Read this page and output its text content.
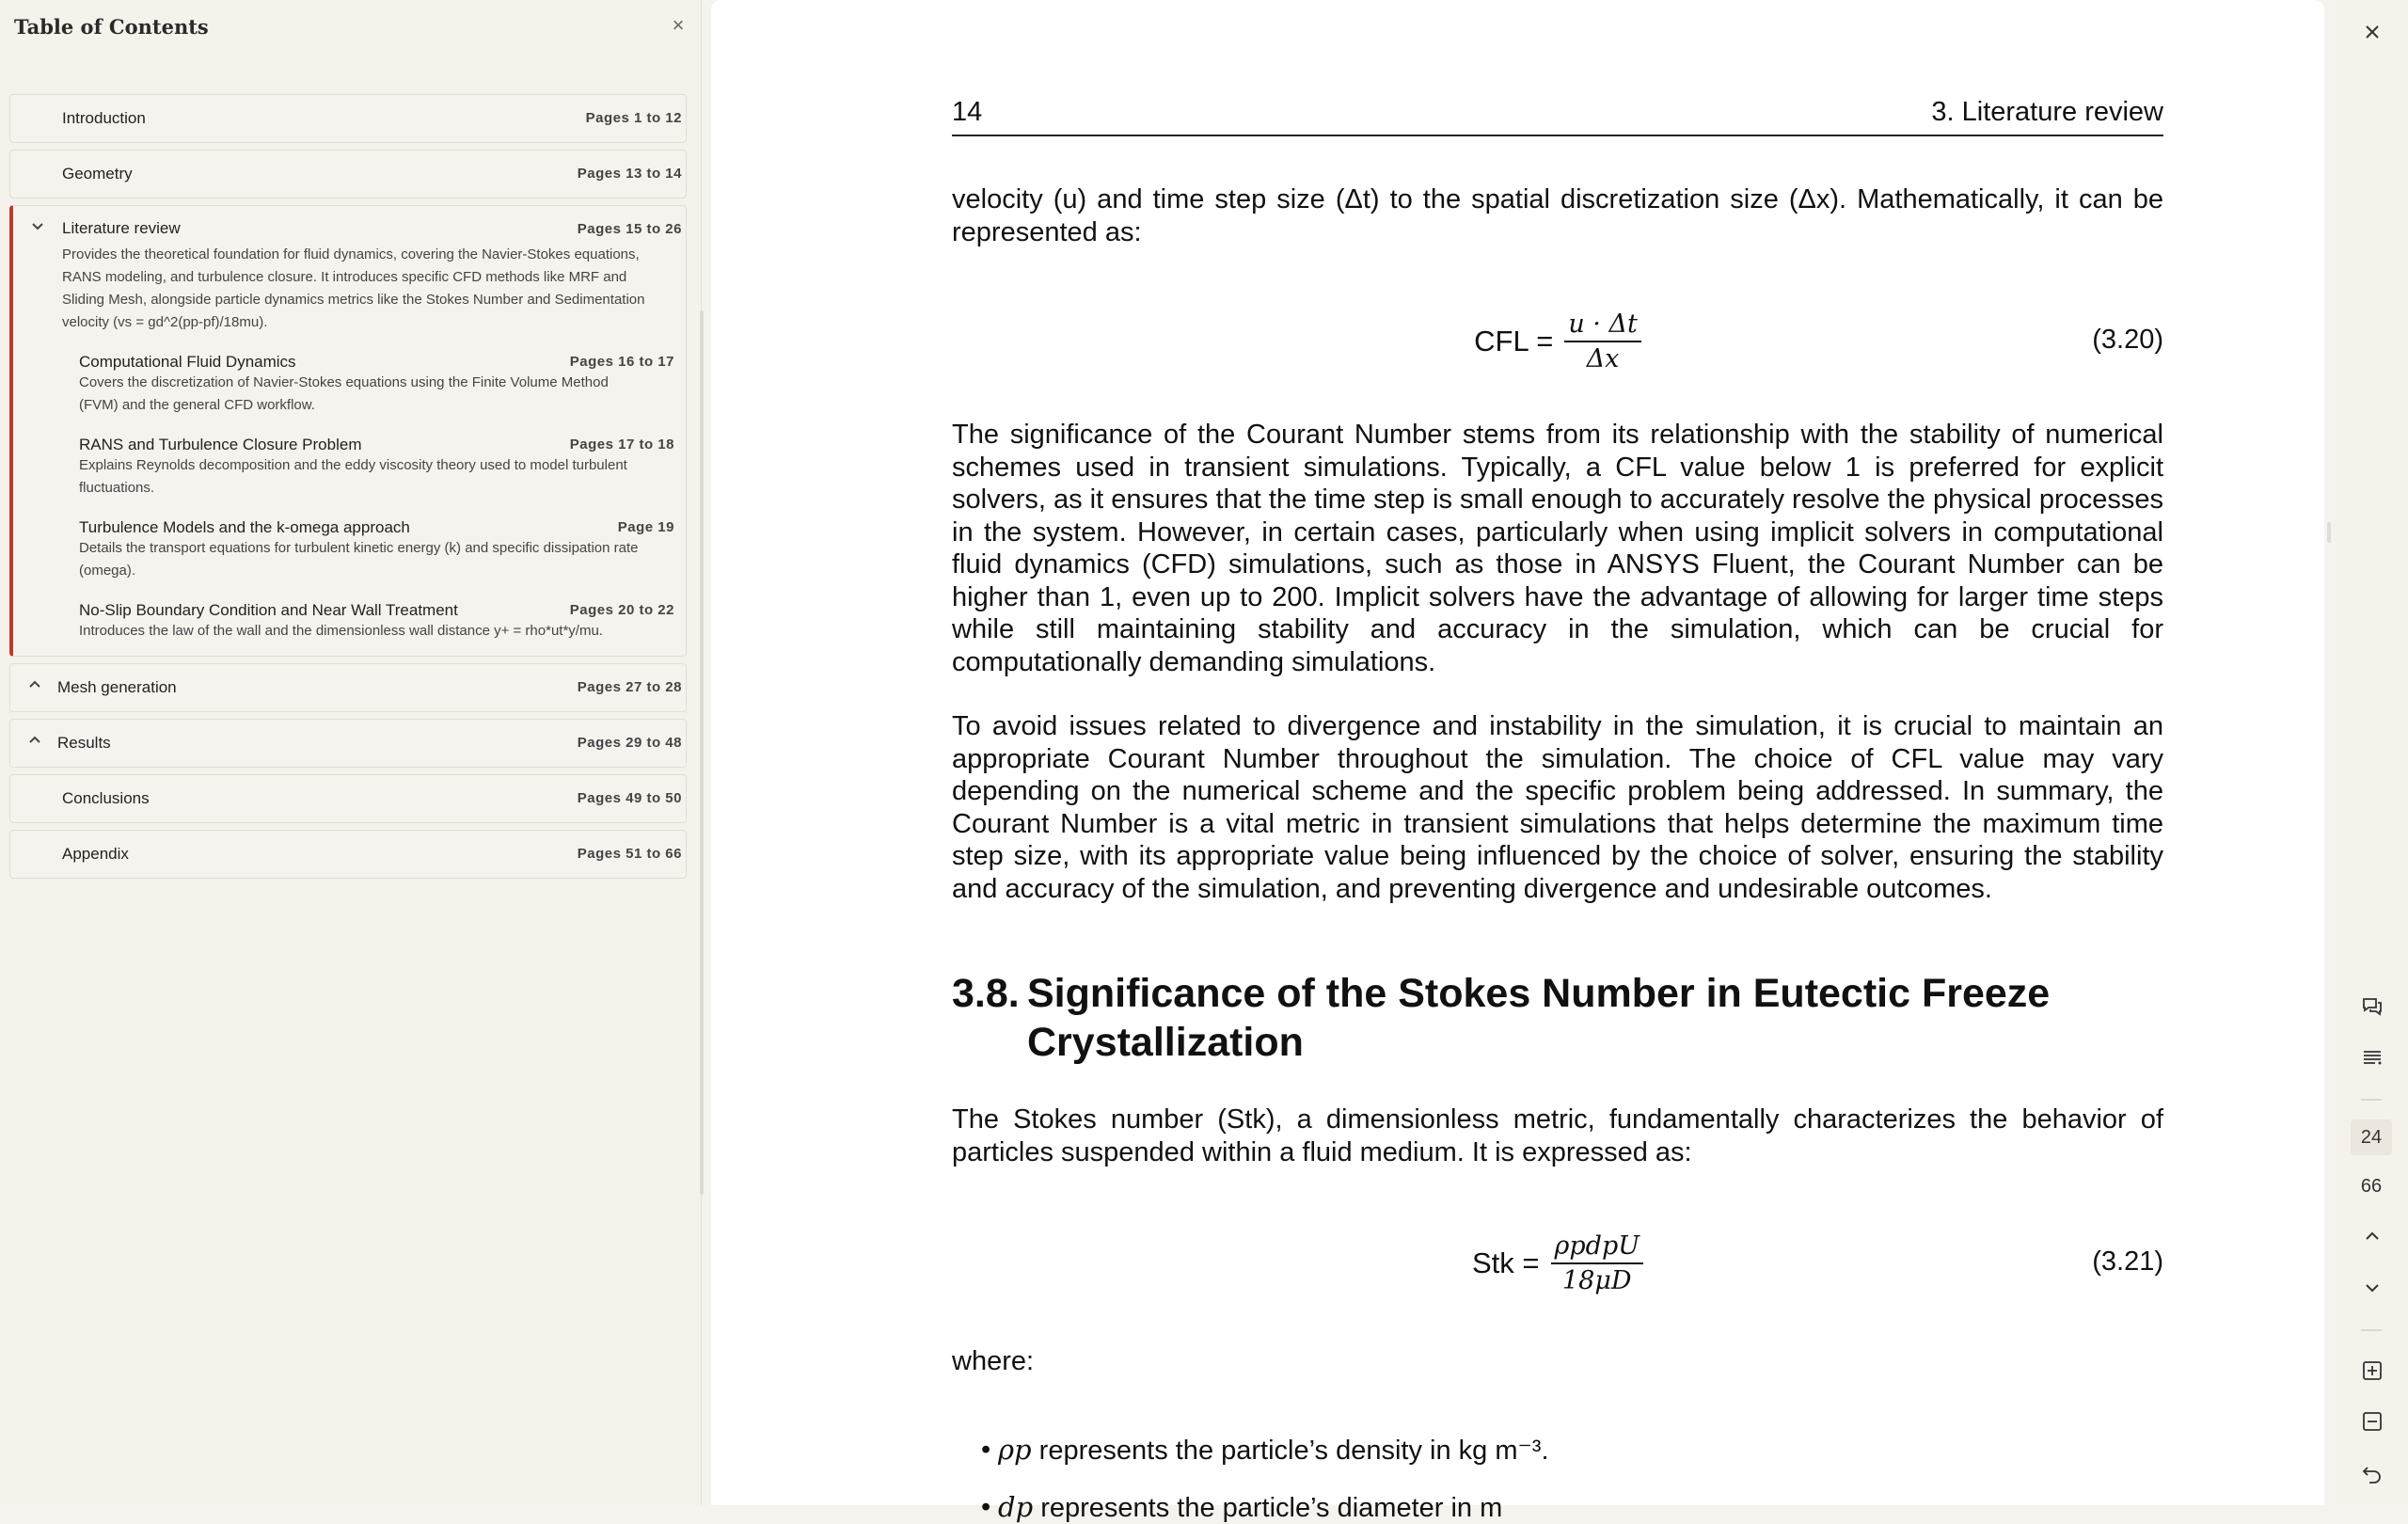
Table of Contents	×
Introduction	Pages 1 to 12
Geometry	Pages 13 to 14
Literature review	Pages 15 to 26
Provides the theoretical foundation for fluid dynamics, covering the Navier-Stokes equations, RANS modeling, and turbulence closure. It introduces specific CFD methods like MRF and Sliding Mesh, alongside particle dynamics metrics like the Stokes Number and Sedimentation velocity (vs = gd^2(pp-pf)/18mu).
Computational Fluid Dynamics	Pages 16 to 17
Covers the discretization of Navier-Stokes equations using the Finite Volume Method (FVM) and the general CFD workflow.
RANS and Turbulence Closure Problem	Pages 17 to 18
Explains Reynolds decomposition and the eddy viscosity theory used to model turbulent fluctuations.
Turbulence Models and the k-omega approach	Page 19
Details the transport equations for turbulent kinetic energy (k) and specific dissipation rate (omega).
No-Slip Boundary Condition and Near Wall Treatment	Pages 20 to 22
Introduces the law of the wall and the dimensionless wall distance y+ = rho*ut*y/mu.
Mesh generation	Pages 27 to 28
Results	Pages 29 to 48
Conclusions	Pages 49 to 50
Appendix	Pages 51 to 66
14	3. Literature review
velocity (u) and time step size (Δt) to the spatial discretization size (Δx). Mathematically, it can be represented as:
CFL = $\frac{u \cdot \Delta t}{\Delta x}$	(3.20)
The significance of the Courant Number stems from its relationship with the stability of numerical schemes used in transient simulations. Typically, a CFL value below 1 is preferred for explicit solvers, as it ensures that the time step is small enough to accurately resolve the physical processes in the system. However, in certain cases, particularly when using implicit solvers in computational fluid dynamics (CFD) simulations, such as those in ANSYS Fluent, the Courant Number can be higher than 1, even up to 200. Implicit solvers have the advantage of allowing for larger time steps while still maintaining stability and accuracy in the simulation, which can be crucial for computationally demanding simulations.
To avoid issues related to divergence and instability in the simulation, it is crucial to maintain an appropriate Courant Number throughout the simulation. The choice of CFL value may vary depending on the numerical scheme and the specific problem being addressed. In summary, the Courant Number is a vital metric in transient simulations that helps determine the maximum time step size, with its appropriate value being influenced by the choice of solver, ensuring the stability and accuracy of the simulation, and preventing divergence and undesirable outcomes.
3.8. Significance of the Stokes Number in Eutectic Freeze Crystallization
The Stokes number (Stk), a dimensionless metric, fundamentally characterizes the behavior of particles suspended within a fluid medium. It is expressed as:
Stk = $\frac{\text{ρpdpU}}{18\mu D}$	(3.21)
where:
• ρp represents the particle’s density in kg m⁻³.
• dp represents the particle’s diameter in m
24
66
